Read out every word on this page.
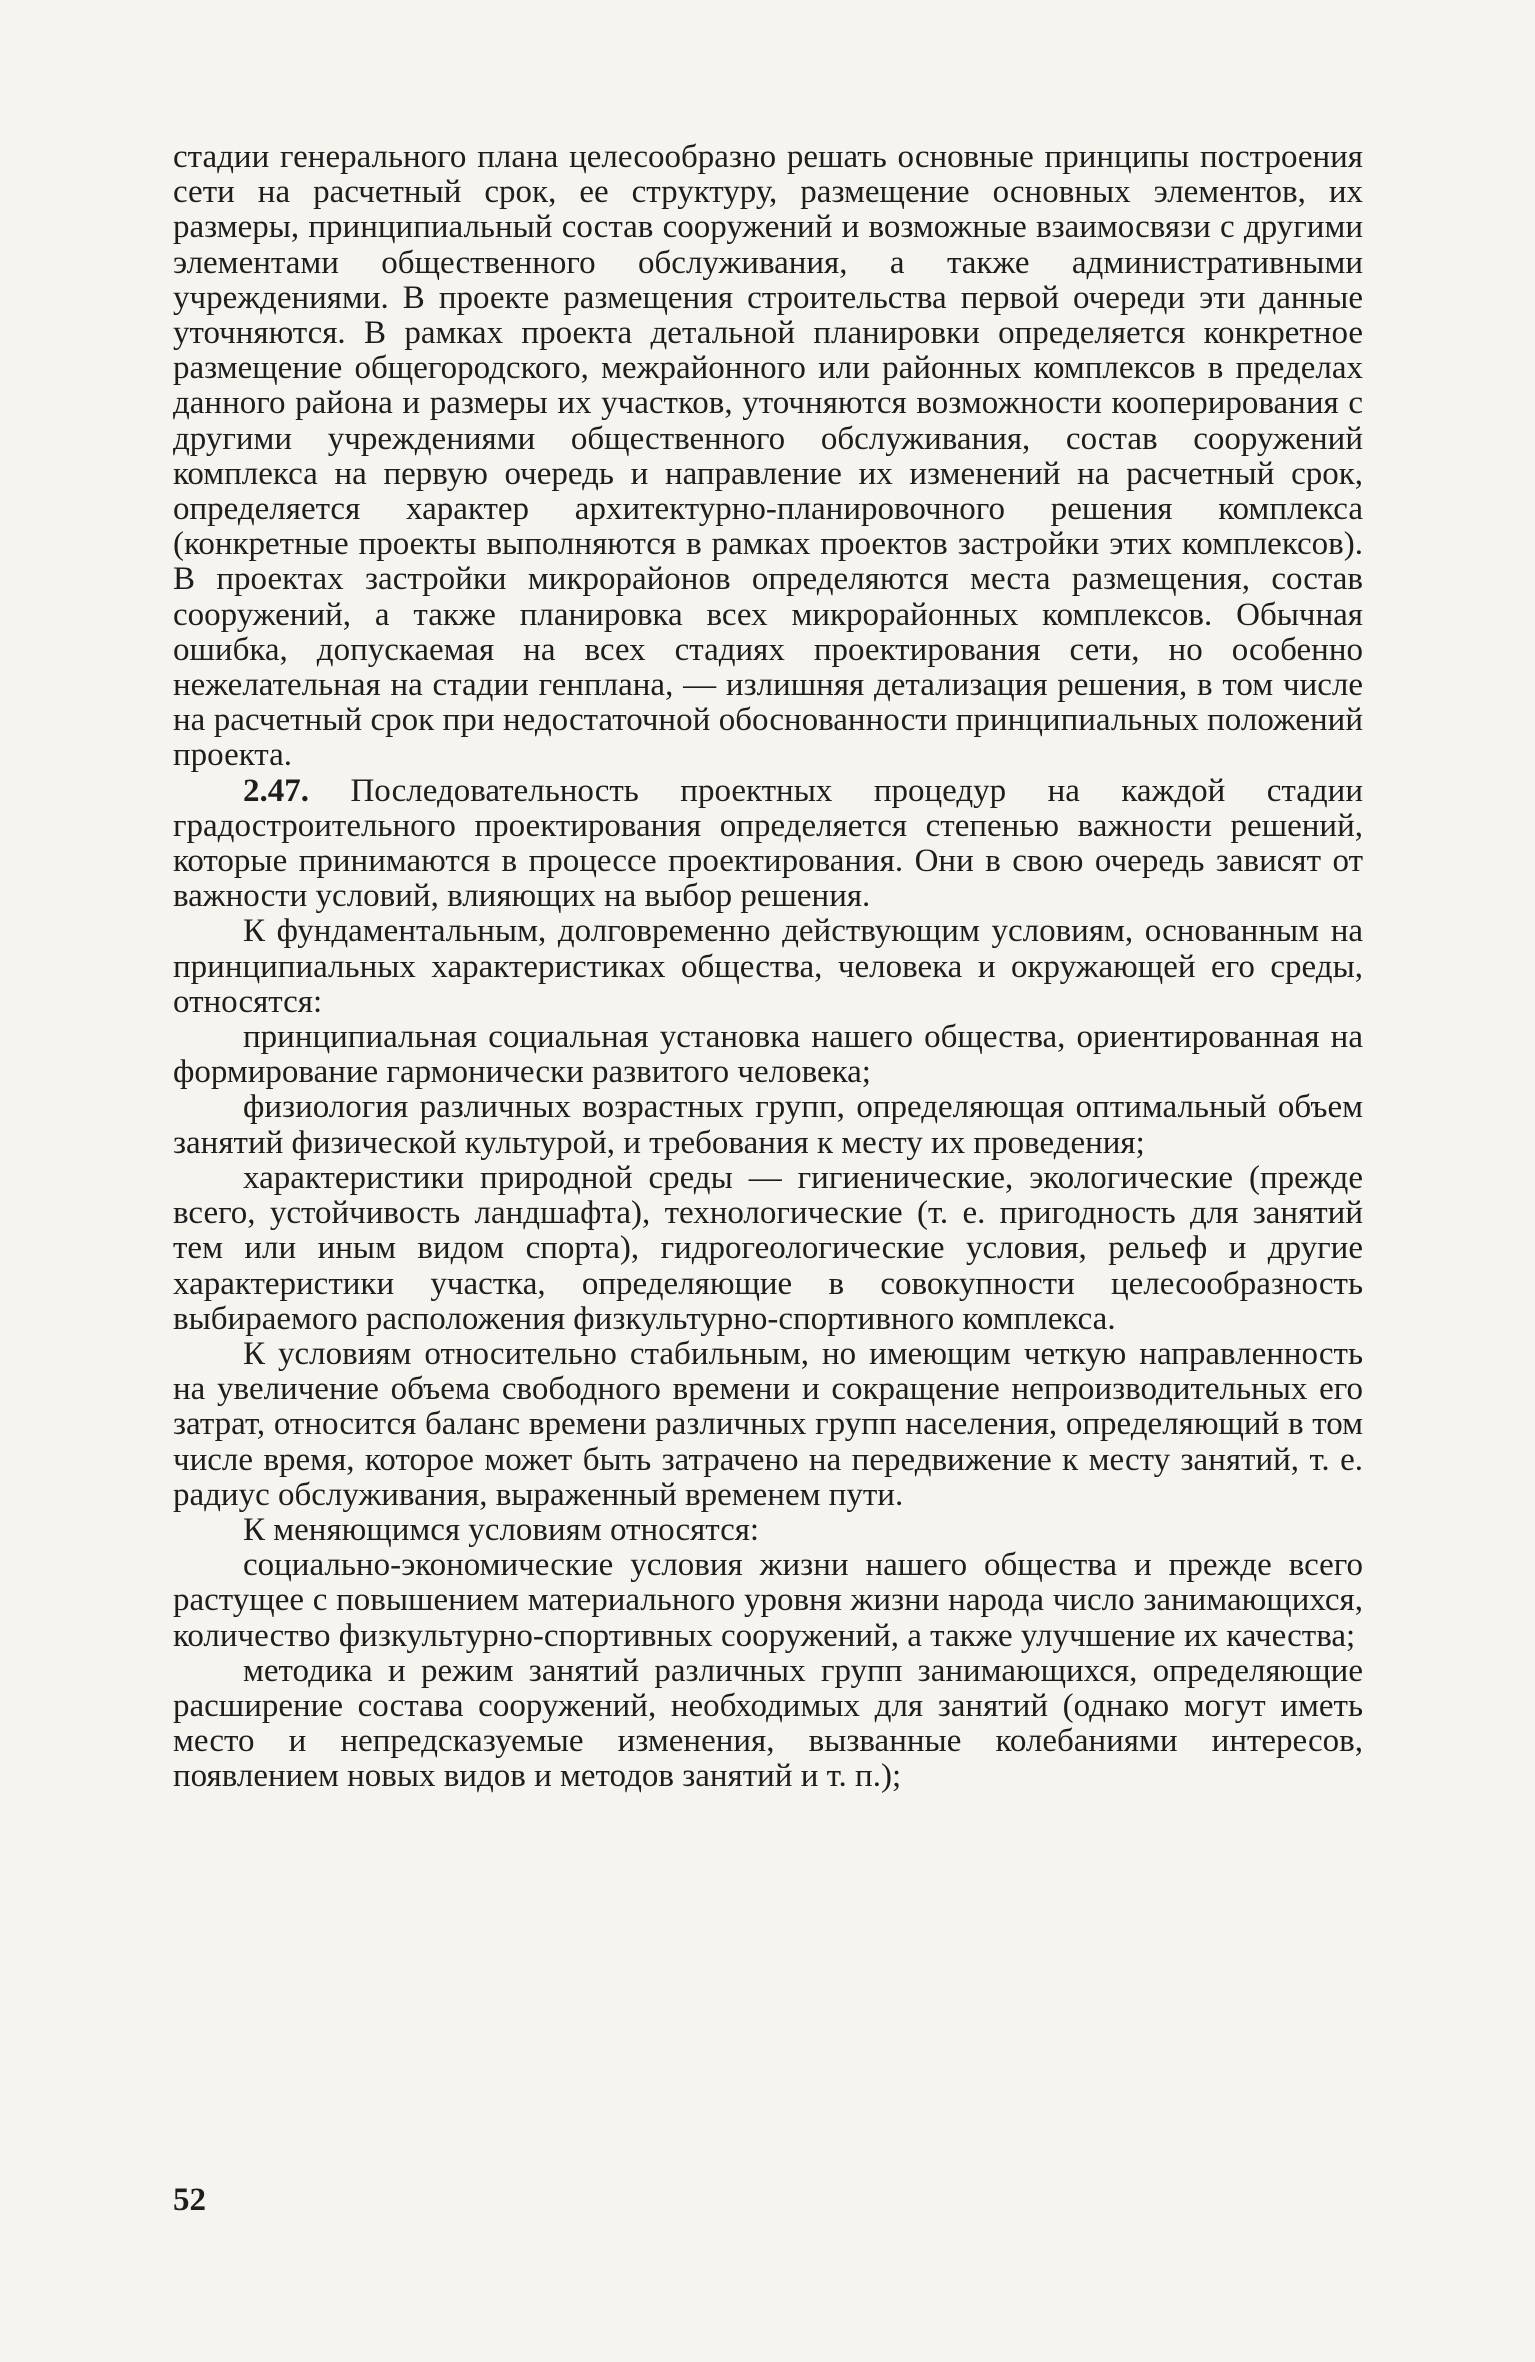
стадии генерального плана целесообразно решать основные принципы построения сети на расчетный срок, ее структуру, размещение основных элементов, их размеры, принципиальный состав сооружений и возможные взаимосвязи с другими элементами общественного обслуживания, а также административными учреждениями. В проекте размещения строительства первой очереди эти данные уточняются. В рамках проекта детальной планировки определяется конкретное размещение общегородского, межрайонного или районных комплексов в пределах данного района и размеры их участков, уточняются возможности кооперирования с другими учреждениями общественного обслуживания, состав сооружений комплекса на первую очередь и направление их изменений на расчетный срок, определяется характер архитектурно-планировочного решения комплекса (конкретные проекты выполняются в рамках проектов застройки этих комплексов). В проектах застройки микрорайонов определяются места размещения, состав сооружений, а также планировка всех микрорайонных комплексов. Обычная ошибка, допускаемая на всех стадиях проектирования сети, но особенно нежелательная на стадии генплана, — излишняя детализация решения, в том числе на расчетный срок при недостаточной обоснованности принципиальных положений проекта.

2.47. Последовательность проектных процедур на каждой стадии градостроительного проектирования определяется степенью важности решений, которые принимаются в процессе проектирования. Они в свою очередь зависят от важности условий, влияющих на выбор решения.

К фундаментальным, долговременно действующим условиям, основанным на принципиальных характеристиках общества, человека и окружающей его среды, относятся:

принципиальная социальная установка нашего общества, ориентированная на формирование гармонически развитого человека;

физиология различных возрастных групп, определяющая оптимальный объем занятий физической культурой, и требования к месту их проведения;

характеристики природной среды — гигиенические, экологические (прежде всего, устойчивость ландшафта), технологические (т. е. пригодность для занятий тем или иным видом спорта), гидрогеологические условия, рельеф и другие характеристики участка, определяющие в совокупности целесообразность выбираемого расположения физкультурно-спортивного комплекса.

К условиям относительно стабильным, но имеющим четкую направленность на увеличение объема свободного времени и сокращение непроизводительных его затрат, относится баланс времени различных групп населения, определяющий в том числе время, которое может быть затрачено на передвижение к месту занятий, т. е. радиус обслуживания, выраженный временем пути.

К меняющимся условиям относятся:

социально-экономические условия жизни нашего общества и прежде всего растущее с повышением материального уровня жизни народа число занимающихся, количество физкультурно-спортивных сооружений, а также улучшение их качества;

методика и режим занятий различных групп занимающихся, определяющие расширение состава сооружений, необходимых для занятий (однако могут иметь место и непредсказуемые изменения, вызванные колебаниями интересов, появлением новых видов и методов занятий и т. п.);

52
